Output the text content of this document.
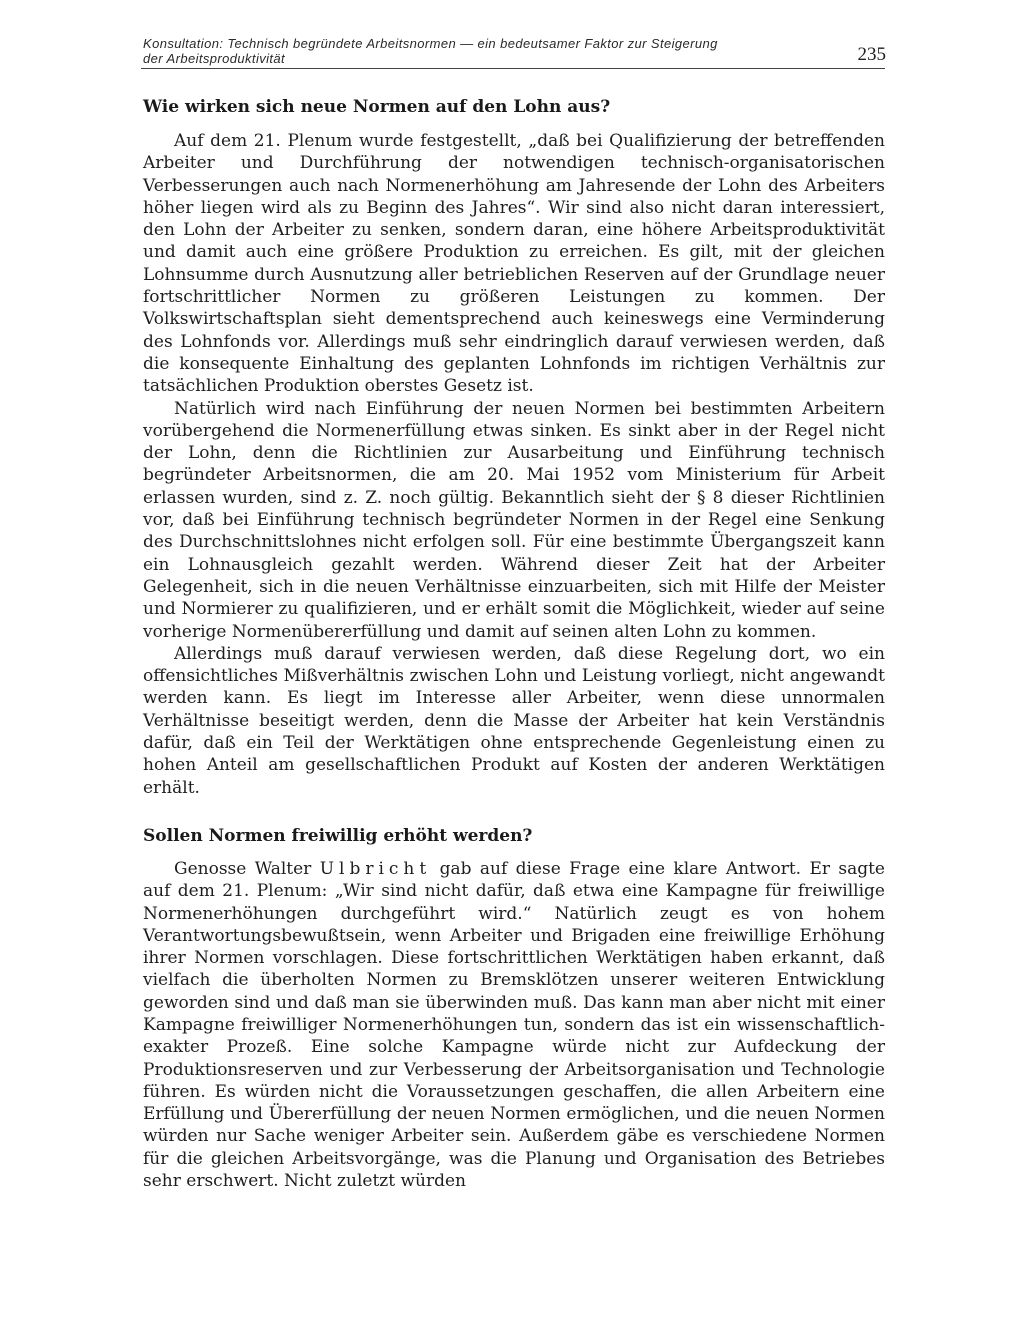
Konsultation: Technisch begründete Arbeitsnormen — ein bedeutsamer Faktor zur Steigerung
der Arbeitsproduktivität	235
Wie wirken sich neue Normen auf den Lohn aus?

Auf dem 21. Plenum wurde festgestellt, „daß bei Qualifizierung der betreffenden Arbeiter und Durchführung der notwendigen technisch-organisatorischen Verbesserungen auch nach Normenerhöhung am Jahresende der Lohn des Arbeiters höher liegen wird als zu Beginn des Jahres“. Wir sind also nicht daran interessiert, den Lohn der Arbeiter zu senken, sondern daran, eine höhere Arbeitsproduktivität und damit auch eine größere Produktion zu erreichen. Es gilt, mit der gleichen Lohnsumme durch Ausnutzung aller betrieblichen Reserven auf der Grundlage neuer fortschrittlicher Normen zu größeren Leistungen zu kommen. Der Volkswirtschaftsplan sieht dementsprechend auch keineswegs eine Verminderung des Lohnfonds vor. Allerdings muß sehr eindringlich darauf verwiesen werden, daß die konsequente Einhaltung des geplanten Lohnfonds im richtigen Verhältnis zur tatsächlichen Produktion oberstes Gesetz ist.

Natürlich wird nach Einführung der neuen Normen bei bestimmten Arbeitern vorübergehend die Normenerfüllung etwas sinken. Es sinkt aber in der Regel nicht der Lohn, denn die Richtlinien zur Ausarbeitung und Einführung technisch begründeter Arbeitsnormen, die am 20. Mai 1952 vom Ministerium für Arbeit erlassen wurden, sind z. Z. noch gültig. Bekanntlich sieht der § 8 dieser Richtlinien vor, daß bei Einführung technisch begründeter Normen in der Regel eine Senkung des Durchschnittslohnes nicht erfolgen soll. Für eine bestimmte Übergangszeit kann ein Lohnausgleich gezahlt werden. Während dieser Zeit hat der Arbeiter Gelegenheit, sich in die neuen Verhältnisse einzuarbeiten, sich mit Hilfe der Meister und Normierer zu qualifizieren, und er erhält somit die Möglichkeit, wieder auf seine vorherige Normenübererfüllung und damit auf seinen alten Lohn zu kommen.

Allerdings muß darauf verwiesen werden, daß diese Regelung dort, wo ein offensichtliches Mißverhältnis zwischen Lohn und Leistung vorliegt, nicht angewandt werden kann. Es liegt im Interesse aller Arbeiter, wenn diese unnormalen Verhältnisse beseitigt werden, denn die Masse der Arbeiter hat kein Verständnis dafür, daß ein Teil der Werktätigen ohne entsprechende Gegenleistung einen zu hohen Anteil am gesellschaftlichen Produkt auf Kosten der anderen Werktätigen erhält.

Sollen Normen freiwillig erhöht werden?

Genosse Walter Ulbricht gab auf diese Frage eine klare Antwort. Er sagte auf dem 21. Plenum: „Wir sind nicht dafür, daß etwa eine Kampagne für freiwillige Normenerhöhungen durchgeführt wird.“ Natürlich zeugt es von hohem Verantwortungsbewußtsein, wenn Arbeiter und Brigaden eine freiwillige Erhöhung ihrer Normen vorschlagen. Diese fortschrittlichen Werktätigen haben erkannt, daß vielfach die überholten Normen zu Bremsklötzen unserer weiteren Entwicklung geworden sind und daß man sie überwinden muß. Das kann man aber nicht mit einer Kampagne freiwilliger Normenerhöhungen tun, sondern das ist ein wissenschaftlich-exakter Prozeß. Eine solche Kampagne würde nicht zur Aufdeckung der Produktionsreserven und zur Verbesserung der Arbeitsorganisation und Technologie führen. Es würden nicht die Voraussetzungen geschaffen, die allen Arbeitern eine Erfüllung und Übererfüllung der neuen Normen ermöglichen, und die neuen Normen würden nur Sache weniger Arbeiter sein. Außerdem gäbe es verschiedene Normen für die gleichen Arbeitsvorgänge, was die Planung und Organisation des Betriebes sehr erschwert. Nicht zuletzt würden
